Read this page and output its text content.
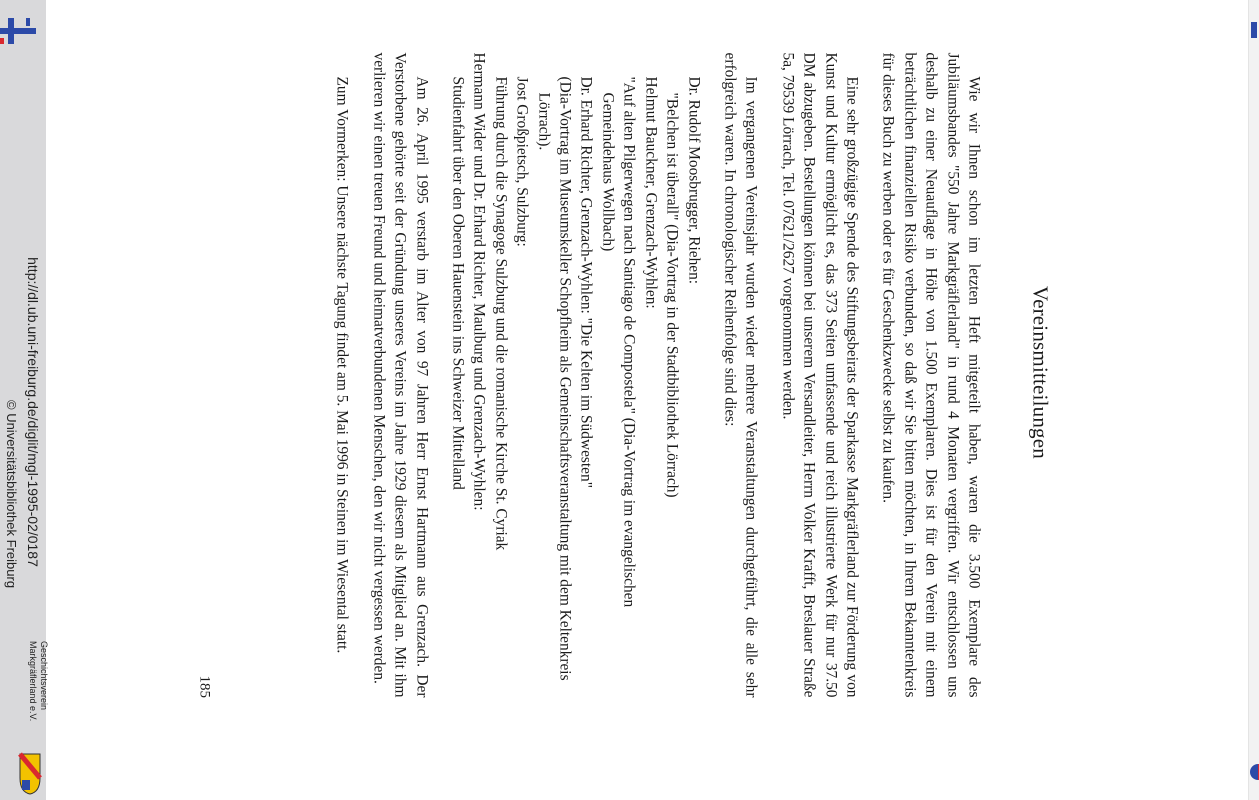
http://dl.ub.uni-freiburg.de/diglit/mgl-1995-02/0187
© Universitätsbibliothek Freiburg
Geschichtsverein
Markgräflerland e.V.
Vereinsmitteilungen

Wie wir Ihnen schon im letzten Heft mitgeteilt haben, waren die 3.500 Exemplare des Jubiläumsbandes "550 Jahre Markgräflerland" in rund 4 Monaten vergriffen. Wir entschlossen uns deshalb zu einer Neuauflage in Höhe von 1.500 Exemplaren. Dies ist für den Verein mit einem beträchtlichen finanziellen Risiko verbunden, so daß wir Sie bitten möchten, in Ihrem Bekanntenkreis für dieses Buch zu werben oder es für Geschenkzwecke selbst zu kaufen.

Eine sehr großzügige Spende des Stiftungsbeirats der Sparkasse Markgräflerland zur Förderung von Kunst und Kultur ermöglicht es, das 373 Seiten umfassende und reich illustrierte Werk für nur 37.50 DM abzugeben. Bestellungen können bei unserem Versandleiter, Herrn Volker Krafft, Breslauer Straße 5a, 79539 Lörrach, Tel. 07621/2627 vorgenommen werden.

Im vergangenen Vereinsjahr wurden wieder mehrere Veranstaltungen durchgeführt, die alle sehr erfolgreich waren. In chronologischer Reihenfolge sind dies:

Dr. Rudolf Moosbrugger, Riehen:
"Belchen ist überall" (Dia-Vortrag in der Stadtbibliothek Lörrach)
Helmut Bauckner, Grenzach-Wyhlen:
"Auf alten Pilgerwegen nach Santiago de Compostela" (Dia-Vortrag im evangelischen Gemeindehaus Wollbach)
Dr. Erhard Richter, Grenzach-Wyhlen: "Die Kelten im Südwesten"
(Dia-Vortrag im Museumskeller Schopfheim als Gemeinschaftsveranstaltung mit dem Keltenkreis Lörrach).
Jost Großpietsch, Sulzburg:
Führung durch die Synagoge Sulzburg und die romanische Kirche St. Cyriak
Hermann Wider und Dr. Erhard Richter, Maulburg und Grenzach-Wyhlen:
Studienfahrt über den Oberen Hauenstein ins Schweizer Mittelland

Am 26. April 1995 verstarb im Alter von 97 Jahren Herr Ernst Hartmann aus Grenzach. Der Verstorbene gehörte seit der Gründung unseres Vereins im Jahre 1929 diesem als Mitglied an. Mit ihm verlieren wir einen treuen Freund und heimatverbundenen Menschen, den wir nicht vergessen werden.

Zum Vormerken: Unsere nächste Tagung findet am 5. Mai 1996 in Steinen im Wiesental statt.

185
